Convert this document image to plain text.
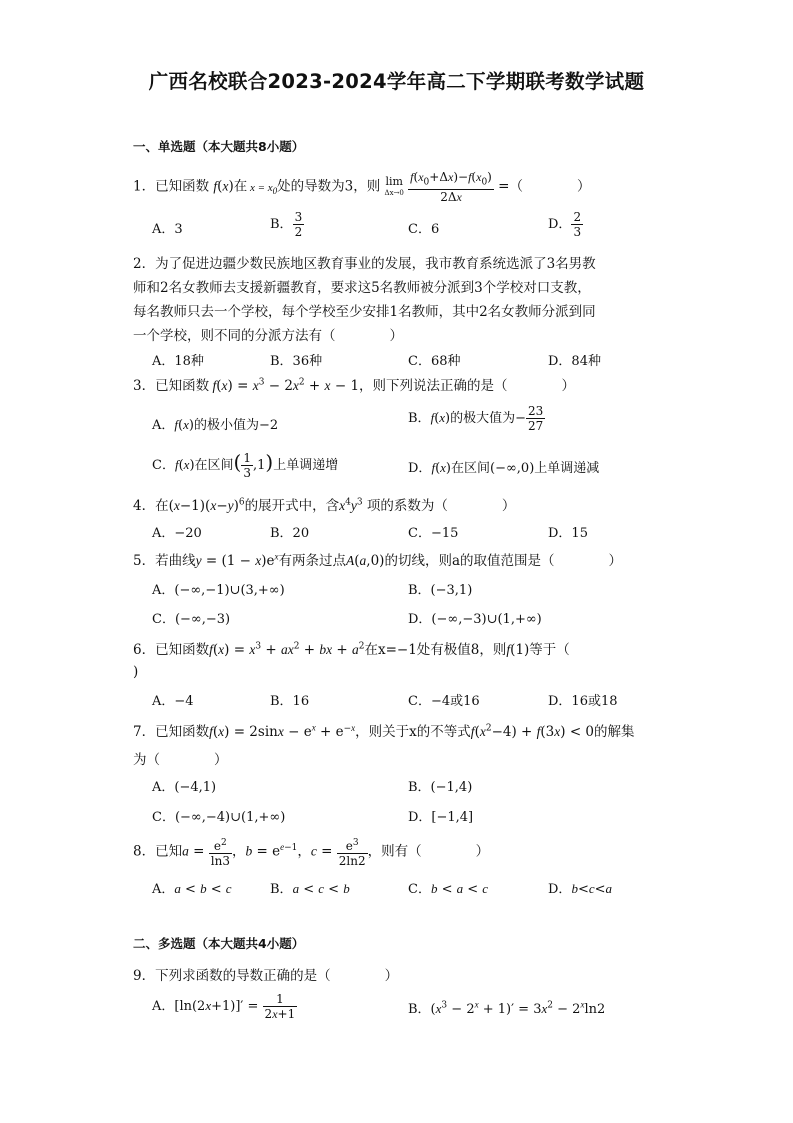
广西名校联合2023-2024学年高二下学期联考数学试题
一、单选题（本大题共8小题）
1．已知函数 f(x)在 $x = x_0$处的导数为3，则 lim
$\Delta x\to 0 \frac{f(x_0+\Delta x)-f(x_0)}{2\Delta x}$ =（　　　　）
A．3	B． $\frac{3}{2}$	C．6	D． $\frac{2}{3}$
2．为了促进边疆少数民族地区教育事业的发展，我市教育系统选派了3名男教
师和2名女教师去支援新疆教育，要求这5名教师被分派到3个学校对口支教，
每名教师只去一个学校，每个学校至少安排1名教师，其中2名女教师分派到同
一个学校，则不同的分派方法有（　　　　）
A．18种	B．36种	C．68种	D．84种
3．已知函数 $f(x) = x^3 - 2x^2 + x - 1$，则下列说法正确的是（　　　　）
A．f(x)的极小值为−2	B．f(x)的极大值为− $\frac{23}{27}$
C．f(x)在区间( $\frac{1}{3} ,1$)上单调递增	D．f(x)在区间(−∞,0)上单调递减
4．在$(x-1)(x-y)^6$的展开式中，含$x^4y^3$ 项的系数为（　　　　）
A．−20	B．20	C．−15	D．15
5．若曲线$y = (1 - x)e^x$有两条过点A(a,0)的切线，则a的取值范围是（　　　　）
A．(−∞,−1)∪(3,+∞)	B．(−3,1)
C．(−∞,−3)	D．(−∞,−3)∪(1,+∞)
6．已知函数$f(x) = x^3 + ax^2$ + bx + $a^2$在x=−1处有极值8，则f(1)等于（
)
A．−4	B．16	C．−4或16	D．16或18
7．已知函数$f(x) = 2\sin x - e^x + e^{-x}$，则关于x的不等式$f(x^2-4) + f(3x) < 0$的解集
为（　　　　）
A．(−4,1)	B．(−1,4)
C．(−∞,−4)∪(1,+∞)	D．[−1,4]
8．已知$a = \frac{e^2}{\ln 3}$ ，$b = e^{e-1}$，$c = \frac{e^3}{2\ln 2}$ ，则有（　　　　）
A．a < b < c	B．a < c < b	C．b < a < c	D．b<c<a
二、多选题（本大题共4小题）
9．下列求函数的导数正确的是（　　　　）
A．$[\ln(2x+1)]' = \frac{1}{2x+1}$	B．$(x^3 - 2^x + 1)' = 3x^2 - 2^x\ln 2$
